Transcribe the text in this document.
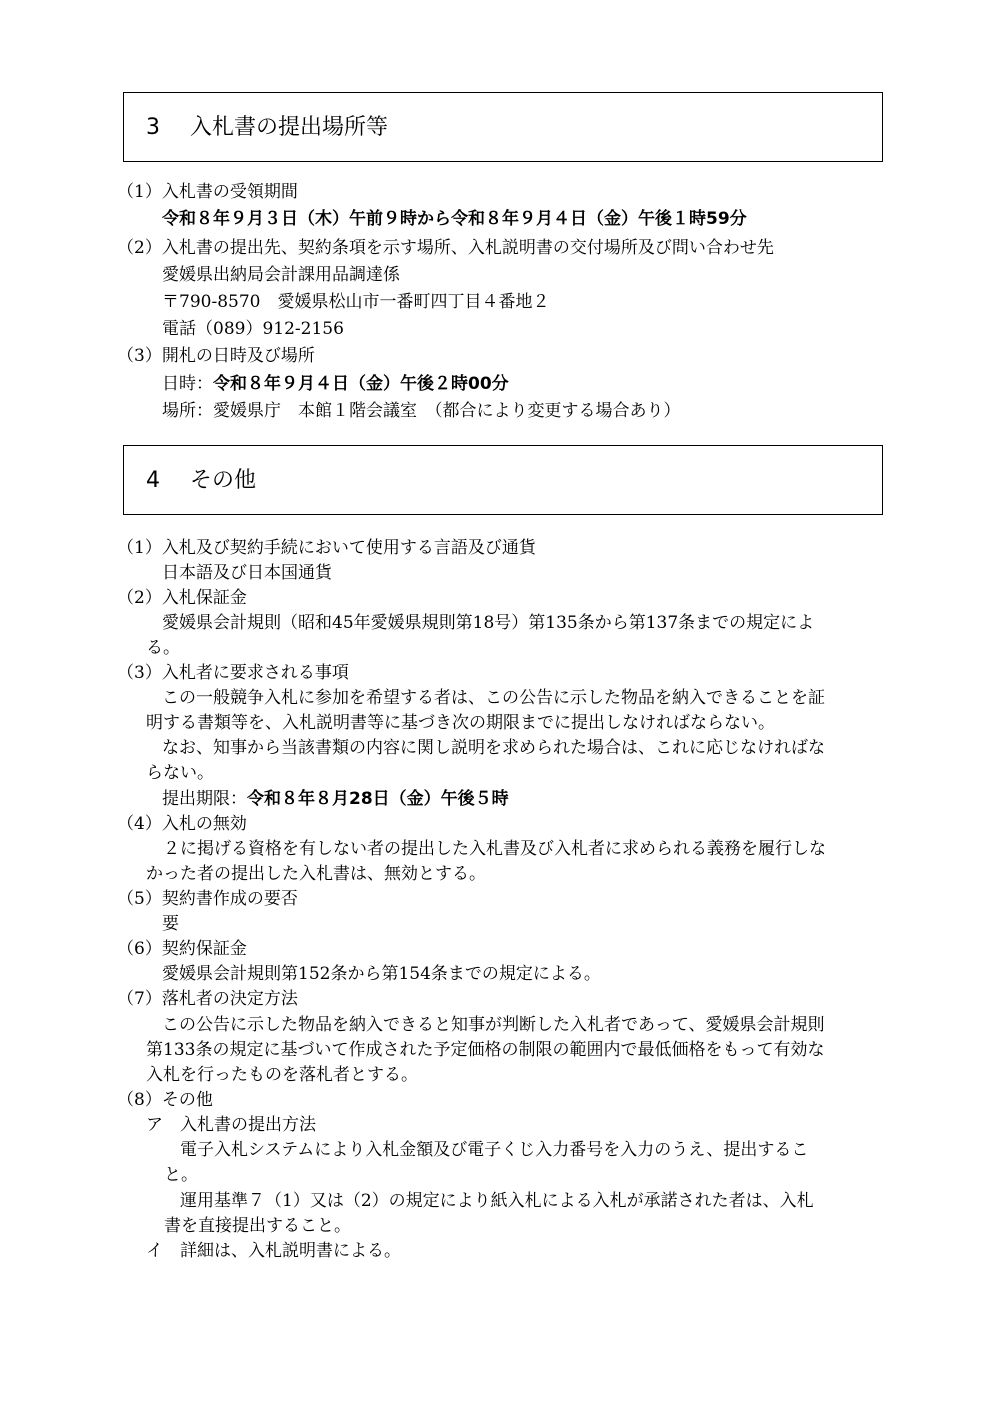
3 入札書の提出場所等
（1）入札書の受領期間
令和８年９月３日（木）午前９時から令和８年９月４日（金）午後１時59分
（2）入札書の提出先、契約条項を示す場所、入札説明書の交付場所及び問い合わせ先
愛媛県出納局会計課用品調達係
〒790-8570　愛媛県松山市一番町四丁目４番地２
電話（089）912-2156
（3）開札の日時及び場所
日時：令和８年９月４日（金）午後２時00分
場所：愛媛県庁　本館１階会議室　（都合により変更する場合あり）
4 その他
（1）入札及び契約手続において使用する言語及び通貨
日本語及び日本国通貨
（2）入札保証金
愛媛県会計規則（昭和45年愛媛県規則第18号）第135条から第137条までの規定によ
る。
（3）入札者に要求される事項
この一般競争入札に参加を希望する者は、この公告に示した物品を納入できることを証
明する書類等を、入札説明書等に基づき次の期限までに提出しなければならない。
なお、知事から当該書類の内容に関し説明を求められた場合は、これに応じなければな
らない。
提出期限：令和８年８月28日（金）午後５時
（4）入札の無効
２に掲げる資格を有しない者の提出した入札書及び入札者に求められる義務を履行しな
かった者の提出した入札書は、無効とする。
（5）契約書作成の要否
要
（6）契約保証金
愛媛県会計規則第152条から第154条までの規定による。
（7）落札者の決定方法
この公告に示した物品を納入できると知事が判断した入札者であって、愛媛県会計規則
第133条の規定に基づいて作成された予定価格の制限の範囲内で最低価格をもって有効な
入札を行ったものを落札者とする。
（8）その他
ア　入札書の提出方法
電子入札システムにより入札金額及び電子くじ入力番号を入力のうえ、提出するこ
と。
運用基準７（1）又は（2）の規定により紙入札による入札が承諾された者は、入札
書を直接提出すること。
イ　詳細は、入札説明書による。
